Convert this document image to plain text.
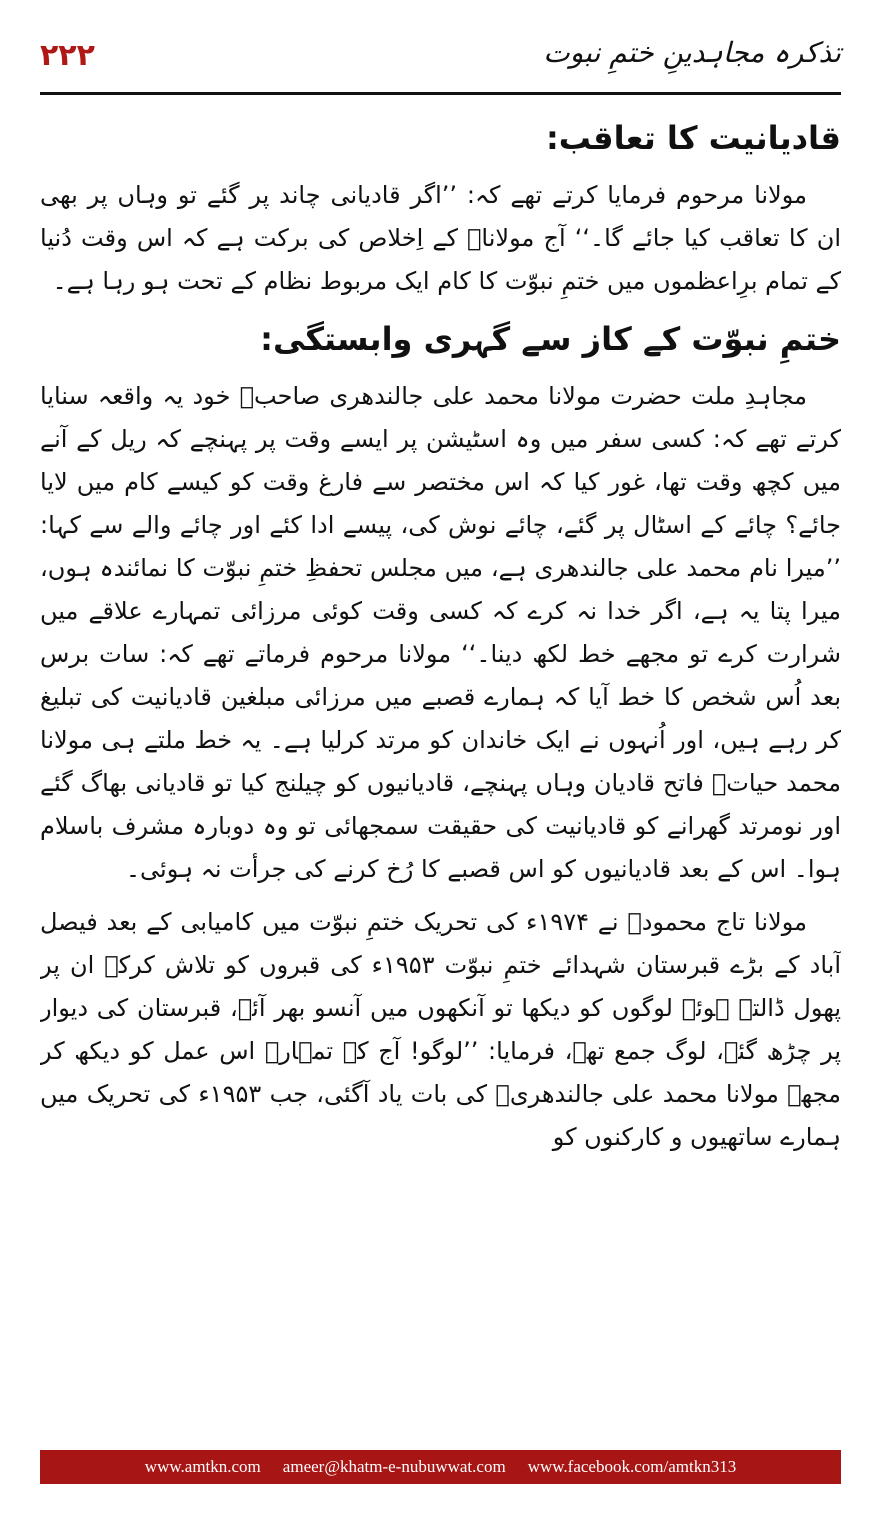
۲۲۲	تذکرہ مجاہدینِ ختمِ نبوت
قادیانیت کا تعاقب:

مولانا مرحوم فرمایا کرتے تھے کہ: ’’اگر قادیانی چاند پر گئے تو وہاں پر بھی ان کا تعاقب کیا جائے گا۔‘‘ آج مولاناؒ کے اِخلاص کی برکت ہے کہ اس وقت دُنیا کے تمام برِاعظموں میں ختمِ نبوّت کا کام ایک مربوط نظام کے تحت ہو رہا ہے۔

ختمِ نبوّت کے کاز سے گہری وابستگی:

مجاہدِ ملت حضرت مولانا محمد علی جالندھری صاحبؒ خود یہ واقعہ سنایا کرتے تھے کہ: کسی سفر میں وہ اسٹیشن پر ایسے وقت پر پہنچے کہ ریل کے آنے میں کچھ وقت تھا، غور کیا کہ اس مختصر سے فارغ وقت کو کیسے کام میں لایا جائے؟ چائے کے اسٹال پر گئے، چائے نوش کی، پیسے ادا کئے اور چائے والے سے کہا: ’’میرا نام محمد علی جالندھری ہے، میں مجلس تحفظِ ختمِ نبوّت کا نمائندہ ہوں، میرا پتا یہ ہے، اگر خدا نہ کرے کہ کسی وقت کوئی مرزائی تمہارے علاقے میں شرارت کرے تو مجھے خط لکھ دینا۔‘‘ مولانا مرحوم فرماتے تھے کہ: سات برس بعد اُس شخص کا خط آیا کہ ہمارے قصبے میں مرزائی مبلغین قادیانیت کی تبلیغ کر رہے ہیں، اور اُنہوں نے ایک خاندان کو مرتد کرلیا ہے۔ یہ خط ملتے ہی مولانا محمد حیاتؒ فاتح قادیان وہاں پہنچے، قادیانیوں کو چیلنج کیا تو قادیانی بھاگ گئے اور نومرتد گھرانے کو قادیانیت کی حقیقت سمجھائی تو وہ دوبارہ مشرف باسلام ہوا۔ اس کے بعد قادیانیوں کو اس قصبے کا رُخ کرنے کی جرأت نہ ہوئی۔

مولانا تاج محمودؒ نے ۱۹۷۴ء کی تحریک ختمِ نبوّت میں کامیابی کے بعد فیصل آباد کے بڑے قبرستان شہدائے ختمِ نبوّت ۱۹۵۳ء کی قبروں کو تلاش کرکے ان پر پھول ڈالتے ہوئے لوگوں کو دیکھا تو آنکھوں میں آنسو بھر آئے، قبرستان کی دیوار پر چڑھ گئے، لوگ جمع تھے، فرمایا: ’’لوگو! آج کے تمہارے اس عمل کو دیکھ کر مجھے مولانا محمد علی جالندھریؒ کی بات یاد آگئی، جب ۱۹۵۳ء کی تحریک میں ہمارے ساتھیوں و کارکنوں کو

www.amtkn.com ameer@khatm-e-nubuwwat.com www.facebook.com/amtkn313
